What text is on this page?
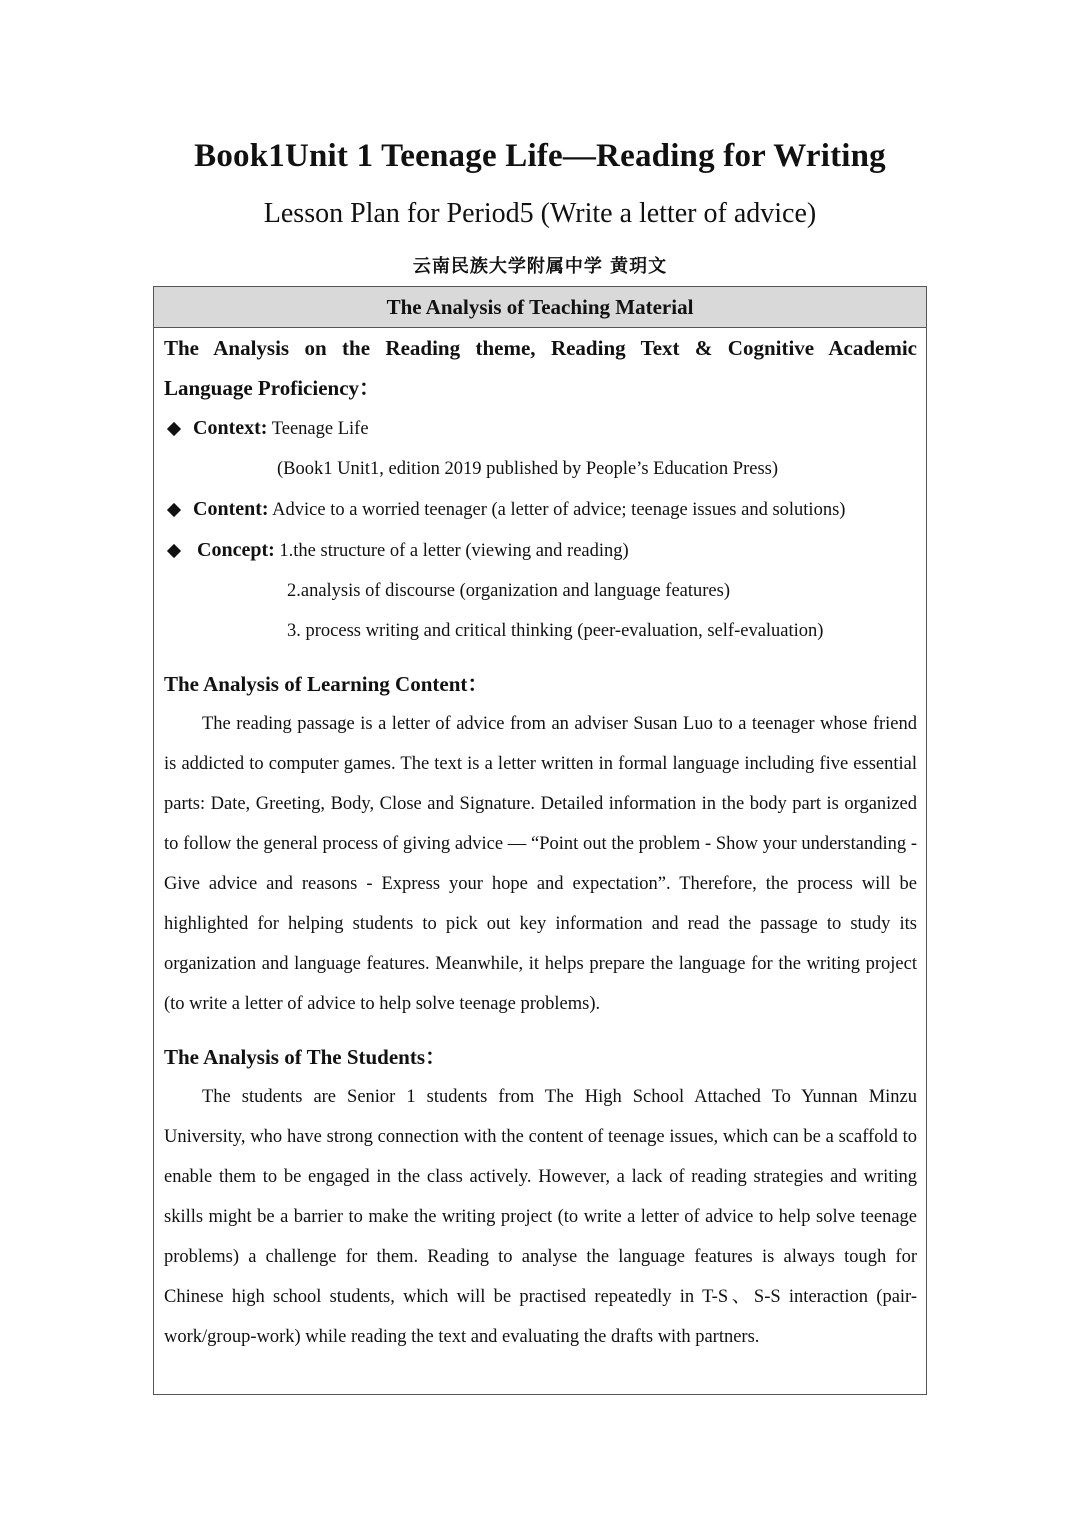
Book1Unit 1 Teenage Life—Reading for Writing
Lesson Plan for Period5 (Write a letter of advice)
云南民族大学附属中学 黄玥文
The Analysis of Teaching Material
The Analysis on the Reading theme, Reading Text & Cognitive Academic
Language Proficiency：
Context: Teenage Life
(Book1 Unit1, edition 2019 published by People’s Education Press)
Content: Advice to a worried teenager (a letter of advice; teenage issues and solutions)
Concept: 1.the structure of a letter (viewing and reading)
2.analysis of discourse (organization and language features)
3. process writing and critical thinking (peer-evaluation, self-evaluation)
The Analysis of Learning Content：
The reading passage is a letter of advice from an adviser Susan Luo to a teenager whose friend is addicted to computer games. The text is a letter written in formal language including five essential parts: Date, Greeting, Body, Close and Signature. Detailed information in the body part is organized to follow the general process of giving advice — “Point out the problem - Show your understanding - Give advice and reasons - Express your hope and expectation”. Therefore, the process will be highlighted for helping students to pick out key information and read the passage to study its organization and language features. Meanwhile, it helps prepare the language for the writing project (to write a letter of advice to help solve teenage problems).
The Analysis of The Students：
The students are Senior 1 students from The High School Attached To Yunnan Minzu University, who have strong connection with the content of teenage issues, which can be a scaffold to enable them to be engaged in the class actively. However, a lack of reading strategies and writing skills might be a barrier to make the writing project (to write a letter of advice to help solve teenage problems) a challenge for them. Reading to analyse the language features is always tough for Chinese high school students, which will be practised repeatedly in T-S、S-S interaction (pair-work/group-work) while reading the text and evaluating the drafts with partners.
